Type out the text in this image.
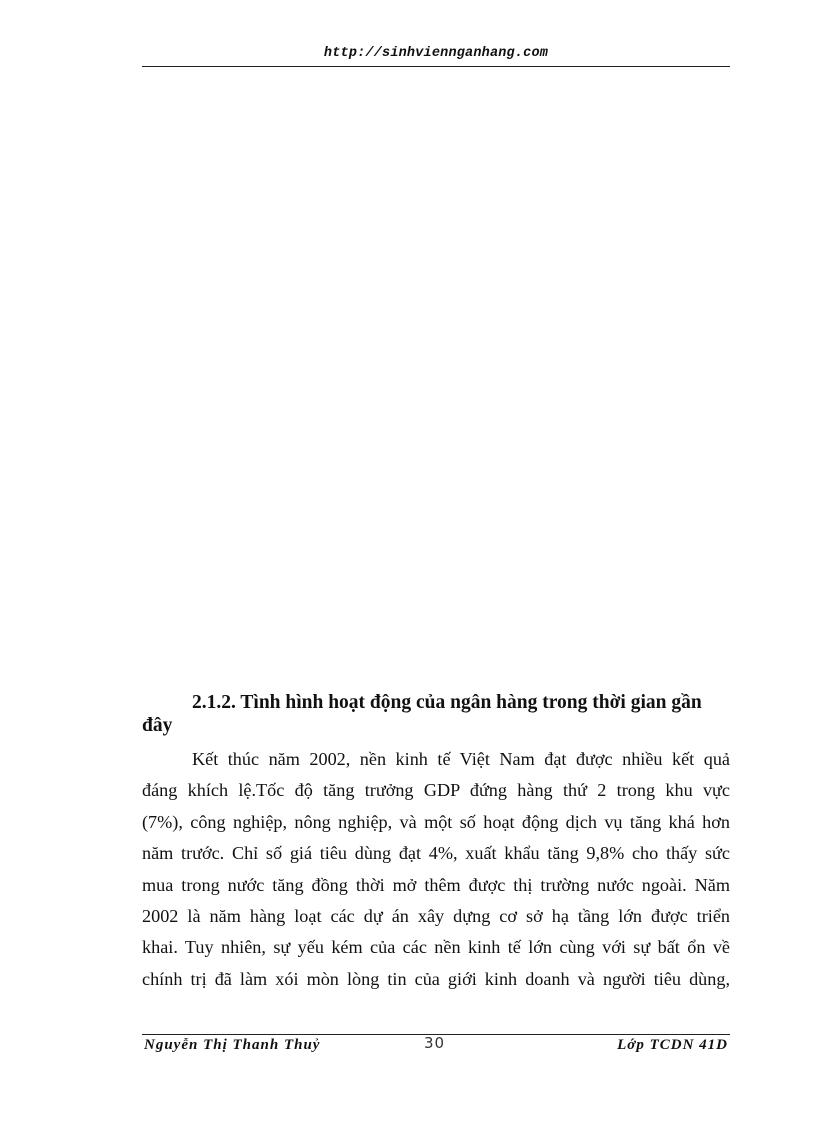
http://sinhviennganhang.com
2.1.2. Tình hình hoạt động của ngân hàng trong thời gian gần đây
Kết thúc năm 2002, nền kinh tế Việt Nam đạt được nhiều kết quả
đáng khích lệ.Tốc độ tăng trưởng GDP đứng hàng thứ 2 trong khu vực
(7%), công nghiệp, nông nghiệp, và một số hoạt động dịch vụ tăng khá hơn
năm trước. Chỉ số giá tiêu dùng đạt 4%, xuất khẩu tăng 9,8% cho thấy sức
mua trong nước tăng đồng thời mở thêm được thị trường nước ngoài. Năm
2002 là năm hàng loạt các dự án xây dựng cơ sở hạ tầng lớn được triển
khai. Tuy nhiên, sự yếu kém của các nền kinh tế lớn cùng với sự bất ổn về
chính trị đã làm xói mòn lòng tin của giới kinh doanh và người tiêu dùng,
Nguyễn Thị Thanh Thuỷ	30	Lớp TCDN 41D
